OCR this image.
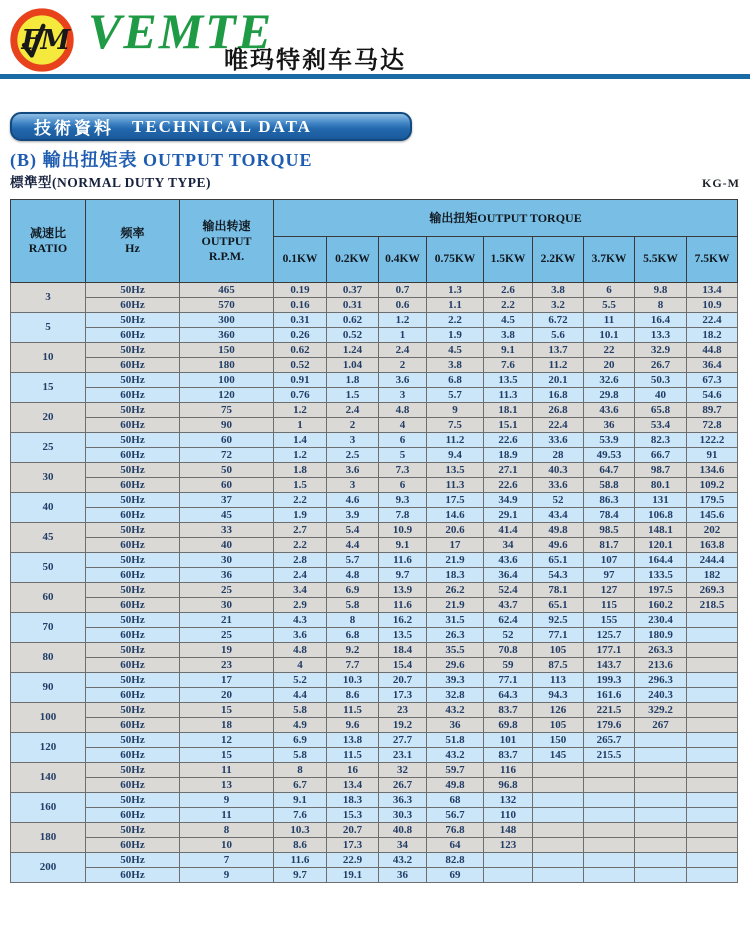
FM VEMTE
唯玛特刹车马达
技術資料 TECHNICAL DATA
(B) 輸出扭矩表 OUTPUT TORQUE
標準型(NORMAL DUTY TYPE)	KG-M
减速比
RATIO

频率
Hz

输出转速
OUTPUT
R.P.M.
	输出扭矩OUTPUT TORQUE
			0.1KW	0.2KW	0.4KW	0.75KW	1.5KW	2.2KW	3.7KW	5.5KW	7.5KW
3	50Hz	465	0.19	0.37	0.7	1.3	2.6	3.8	6	9.8	13.4
	60Hz	570	0.16	0.31	0.6	1.1	2.2	3.2	5.5	8	10.9
5	50Hz	300	0.31	0.62	1.2	2.2	4.5	6.72	11	16.4	22.4
	60Hz	360	0.26	0.52	1	1.9	3.8	5.6	10.1	13.3	18.2
10	50Hz	150	0.62	1.24	2.4	4.5	9.1	13.7	22	32.9	44.8
	60Hz	180	0.52	1.04	2	3.8	7.6	11.2	20	26.7	36.4
15	50Hz	100	0.91	1.8	3.6	6.8	13.5	20.1	32.6	50.3	67.3
	60Hz	120	0.76	1.5	3	5.7	11.3	16.8	29.8	40	54.6
20	50Hz	75	1.2	2.4	4.8	9	18.1	26.8	43.6	65.8	89.7
	60Hz	90	1	2	4	7.5	15.1	22.4	36	53.4	72.8
25	50Hz	60	1.4	3	6	11.2	22.6	33.6	53.9	82.3	122.2
	60Hz	72	1.2	2.5	5	9.4	18.9	28	49.53	66.7	91
30	50Hz	50	1.8	3.6	7.3	13.5	27.1	40.3	64.7	98.7	134.6
	60Hz	60	1.5	3	6	11.3	22.6	33.6	58.8	80.1	109.2
40	50Hz	37	2.2	4.6	9.3	17.5	34.9	52	86.3	131	179.5
	60Hz	45	1.9	3.9	7.8	14.6	29.1	43.4	78.4	106.8	145.6
45	50Hz	33	2.7	5.4	10.9	20.6	41.4	49.8	98.5	148.1	202
	60Hz	40	2.2	4.4	9.1	17	34	49.6	81.7	120.1	163.8
50	50Hz	30	2.8	5.7	11.6	21.9	43.6	65.1	107	164.4	244.4
	60Hz	36	2.4	4.8	9.7	18.3	36.4	54.3	97	133.5	182
60	50Hz	25	3.4	6.9	13.9	26.2	52.4	78.1	127	197.5	269.3
	60Hz	30	2.9	5.8	11.6	21.9	43.7	65.1	115	160.2	218.5
70	50Hz	21	4.3	8	16.2	31.5	62.4	92.5	155	230.4	
	60Hz	25	3.6	6.8	13.5	26.3	52	77.1	125.7	180.9	
80	50Hz	19	4.8	9.2	18.4	35.5	70.8	105	177.1	263.3	
	60Hz	23	4	7.7	15.4	29.6	59	87.5	143.7	213.6	
90	50Hz	17	5.2	10.3	20.7	39.3	77.1	113	199.3	296.3	
	60Hz	20	4.4	8.6	17.3	32.8	64.3	94.3	161.6	240.3	
100	50Hz	15	5.8	11.5	23	43.2	83.7	126	221.5	329.2	
	60Hz	18	4.9	9.6	19.2	36	69.8	105	179.6	267	
120	50Hz	12	6.9	13.8	27.7	51.8	101	150	265.7		
	60Hz	15	5.8	11.5	23.1	43.2	83.7	145	215.5		
140	50Hz	11	8	16	32	59.7	116				
	60Hz	13	6.7	13.4	26.7	49.8	96.8				
160	50Hz	9	9.1	18.3	36.3	68	132				
	60Hz	11	7.6	15.3	30.3	56.7	110				
180	50Hz	8	10.3	20.7	40.8	76.8	148				
	60Hz	10	8.6	17.3	34	64	123				
200	50Hz	7	11.6	22.9	43.2	82.8					
	60Hz	9	9.7	19.1	36	69					
